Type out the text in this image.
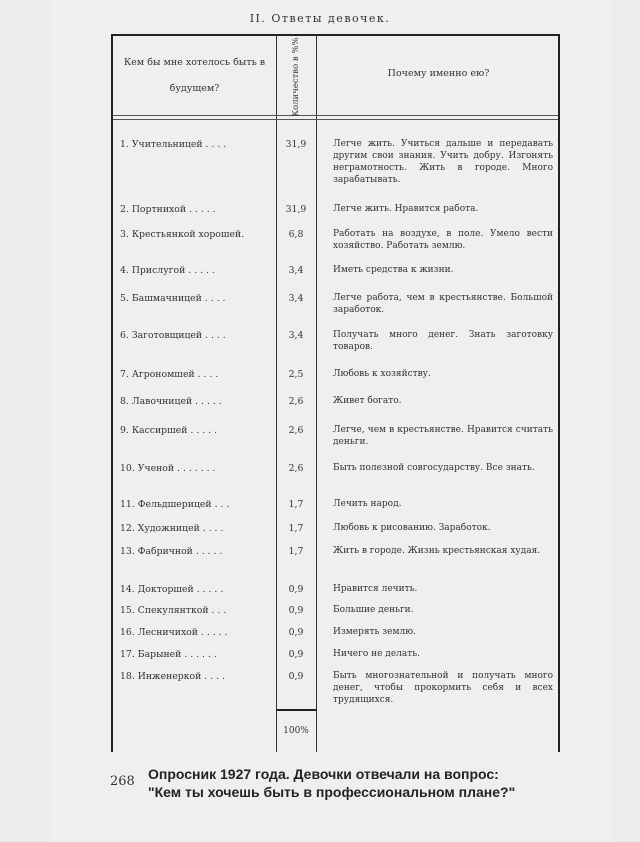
II. Ответы девочек.
Кем бы мне хотелось быть в будущем?	Количество в %%	Почему именно ею?
1. Учительницей . . . .	31,9	Легче жить. Учиться дальше и передавать другим свои знания. Учить добру. Изгонять неграмотность. Жить в городе. Много зарабатывать.
2. Портнихой . . . . .	31,9	Легче жить. Нравится работа.
3. Крестьянкой хорошей.	6,8	Работать на воздухе, в поле. Умело вести хозяйство. Работать землю.
4. Прислугой . . . . .	3,4	Иметь средства к жизни.
5. Башмачницей . . . .	3,4	Легче работа, чем в крестьянстве. Большой заработок.
6. Заготовщицей . . . .	3,4	Получать много денег. Знать заготовку товаров.
7. Агрономшей . . . .	2,5	Любовь к хозяйству.
8. Лавочницей . . . . .	2,6	Живет богато.
9. Кассиршей . . . . .	2,6	Легче, чем в крестьянстве. Нравится считать деньги.
10. Ученой . . . . . . .	2,6	Быть полезной совгосударству. Все знать.
11. Фельдшерицей . . .	1,7	Лечить народ.
12. Художницей . . . .	1,7	Любовь к рисованию. Заработок.
13. Фабричной . . . . .	1,7	Жить в городе. Жизнь крестьянская худая.
14. Докторшей . . . . .	0,9	Нравится лечить.
15. Спекулянткой . . .	0,9	Большие деньги.
16. Лесничихой . . . . .	0,9	Измерять землю.
17. Барыней . . . . . .	0,9	Ничего не делать.
18. Инженеркой . . . .	0,9	Быть многознательной и получать много денег, чтобы прокормить себя и всех трудящихся.
100%
268 Опросник 1927 года. Девочки отвечали на вопрос:
"Кем ты хочешь быть в профессиональном плане?"
